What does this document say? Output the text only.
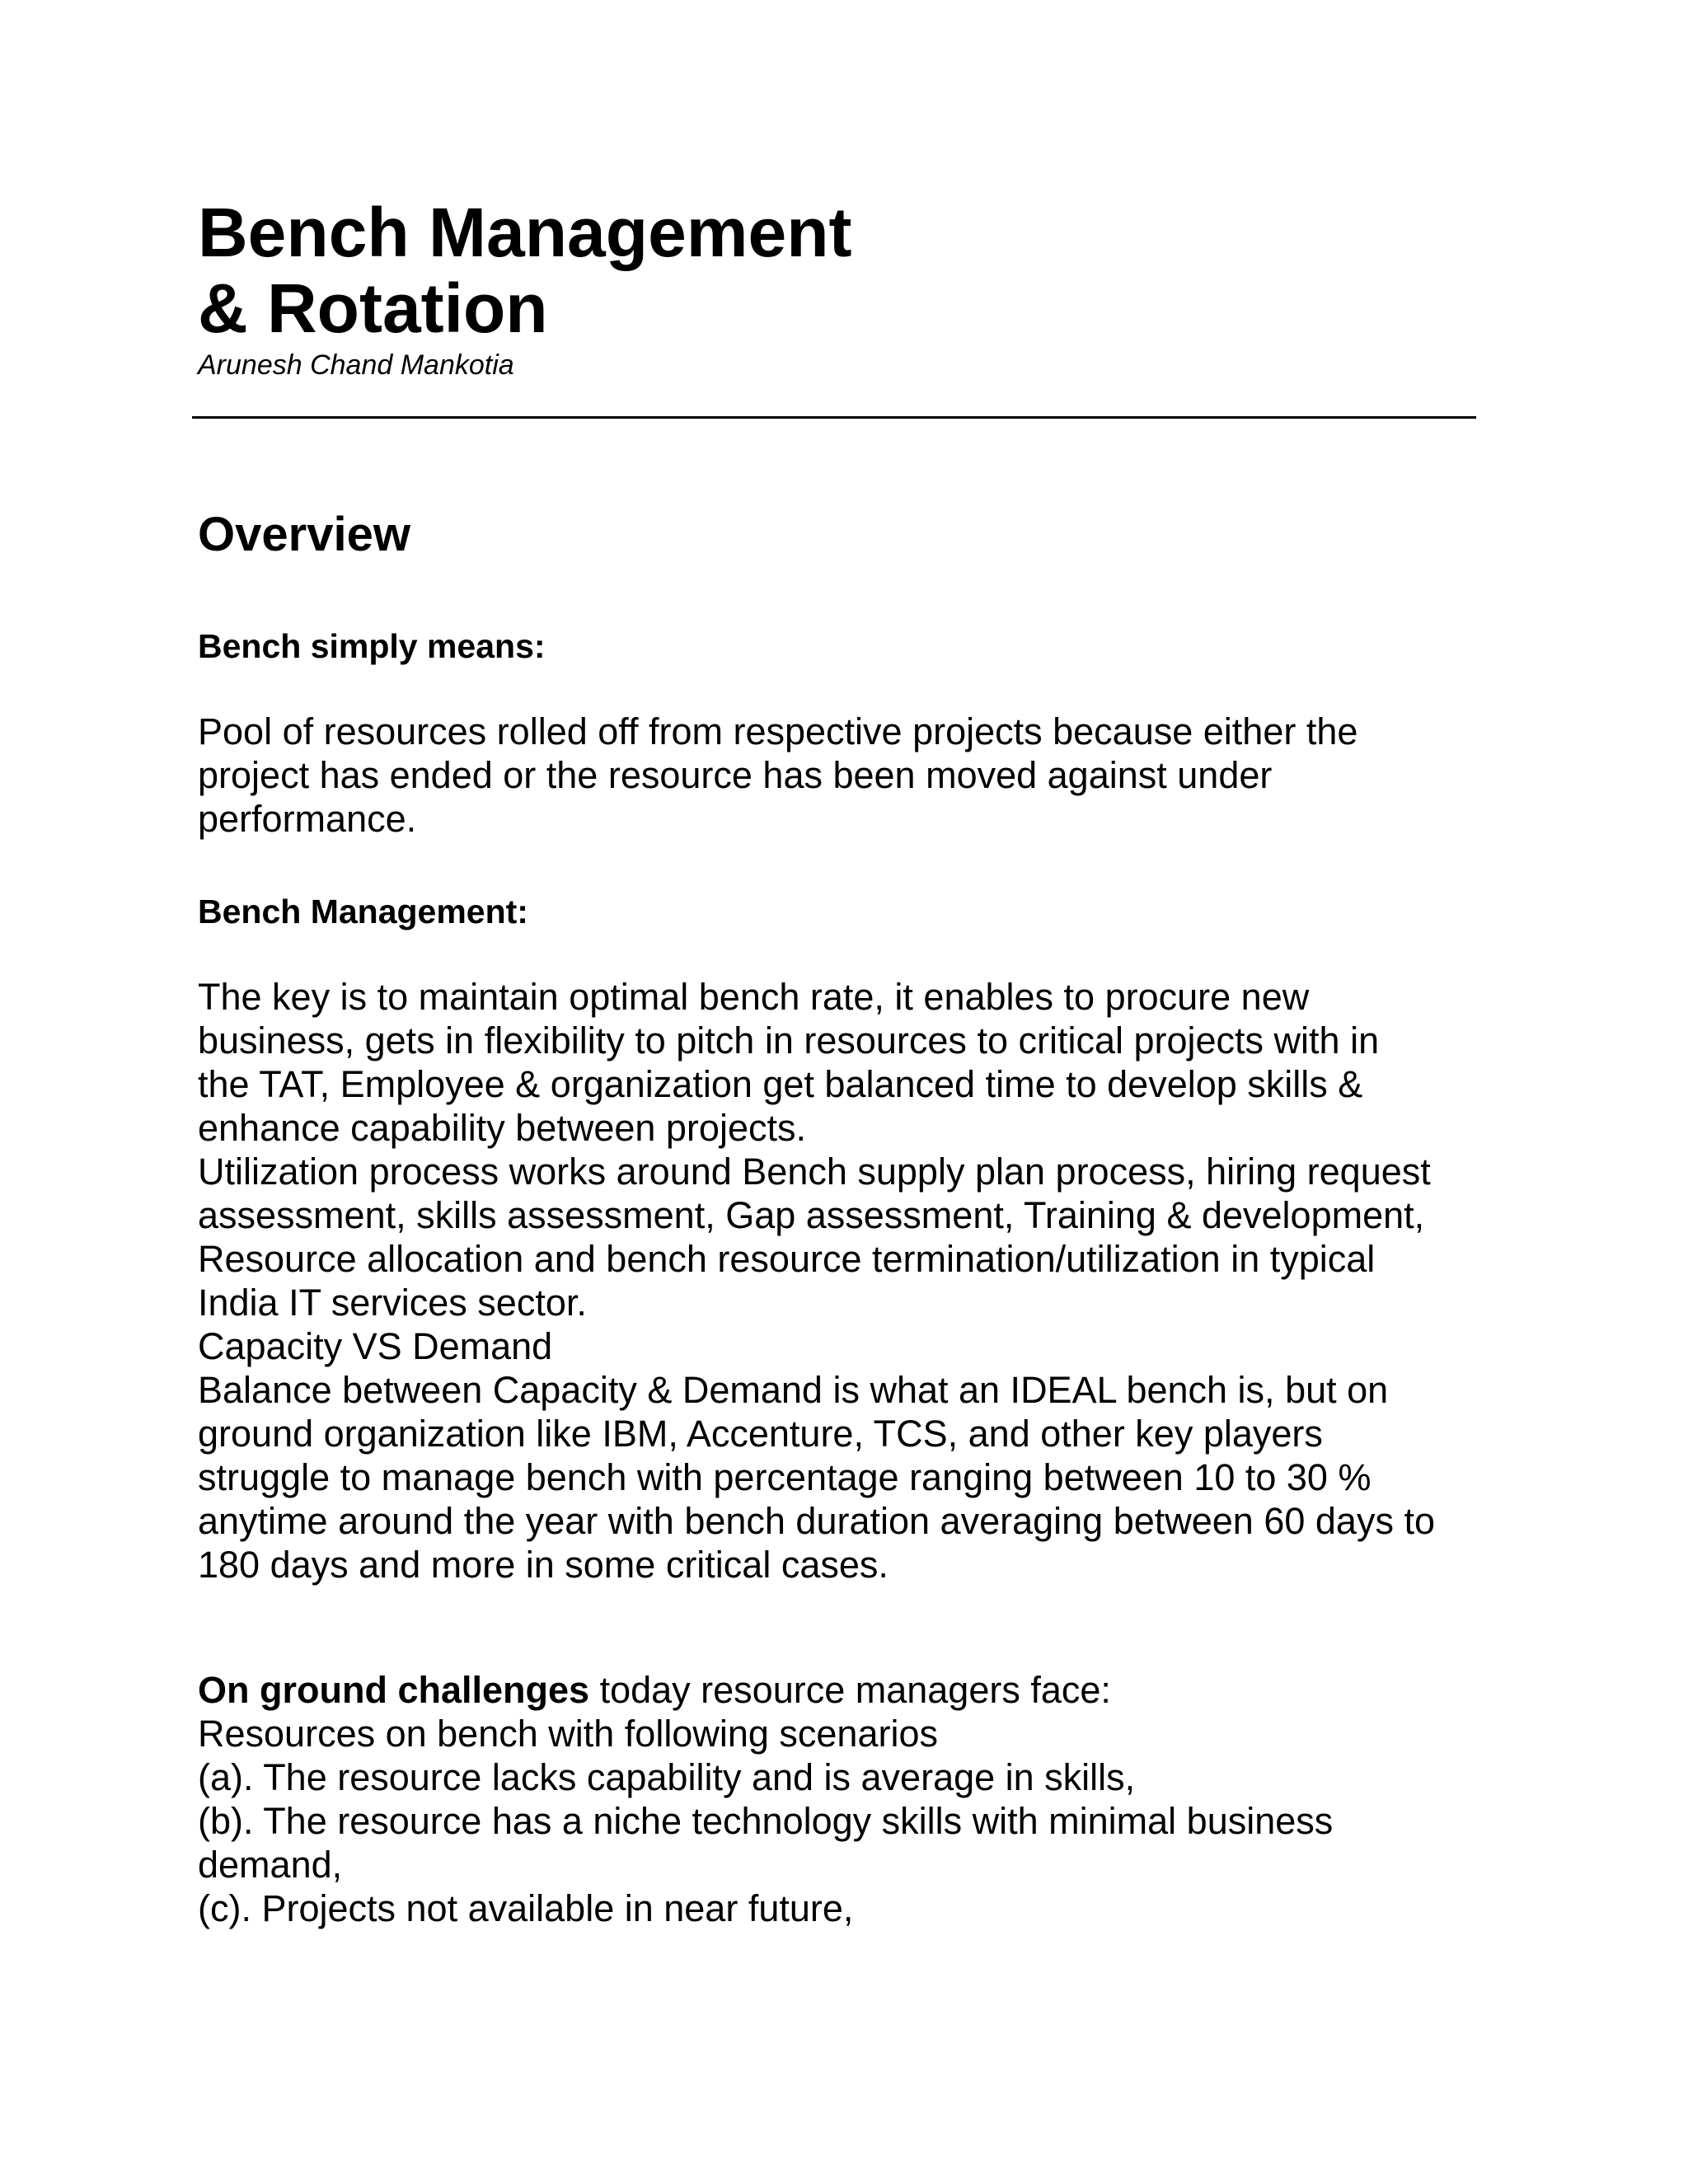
Bench Management
& Rotation
Arunesh Chand Mankotia
Overview
Bench simply means:

Pool of resources rolled off from respective projects because either the
project has ended or the resource has been moved against under
performance.

Bench Management:

The key is to maintain optimal bench rate, it enables to procure new
business, gets in flexibility to pitch in resources to critical projects with in
the TAT, Employee & organization get balanced time to develop skills &
enhance capability between projects.
Utilization process works around Bench supply plan process, hiring request
assessment, skills assessment, Gap assessment, Training & development,
Resource allocation and bench resource termination/utilization in typical
India IT services sector.
Capacity VS Demand
Balance between Capacity & Demand is what an IDEAL bench is, but on
ground organization like IBM, Accenture, TCS, and other key players
struggle to manage bench with percentage ranging between 10 to 30 %
anytime around the year with bench duration averaging between 60 days to
180 days and more in some critical cases.

On ground challenges today resource managers face:
Resources on bench with following scenarios
(a). The resource lacks capability and is average in skills,
(b). The resource has a niche technology skills with minimal business
demand,
(c). Projects not available in near future,
